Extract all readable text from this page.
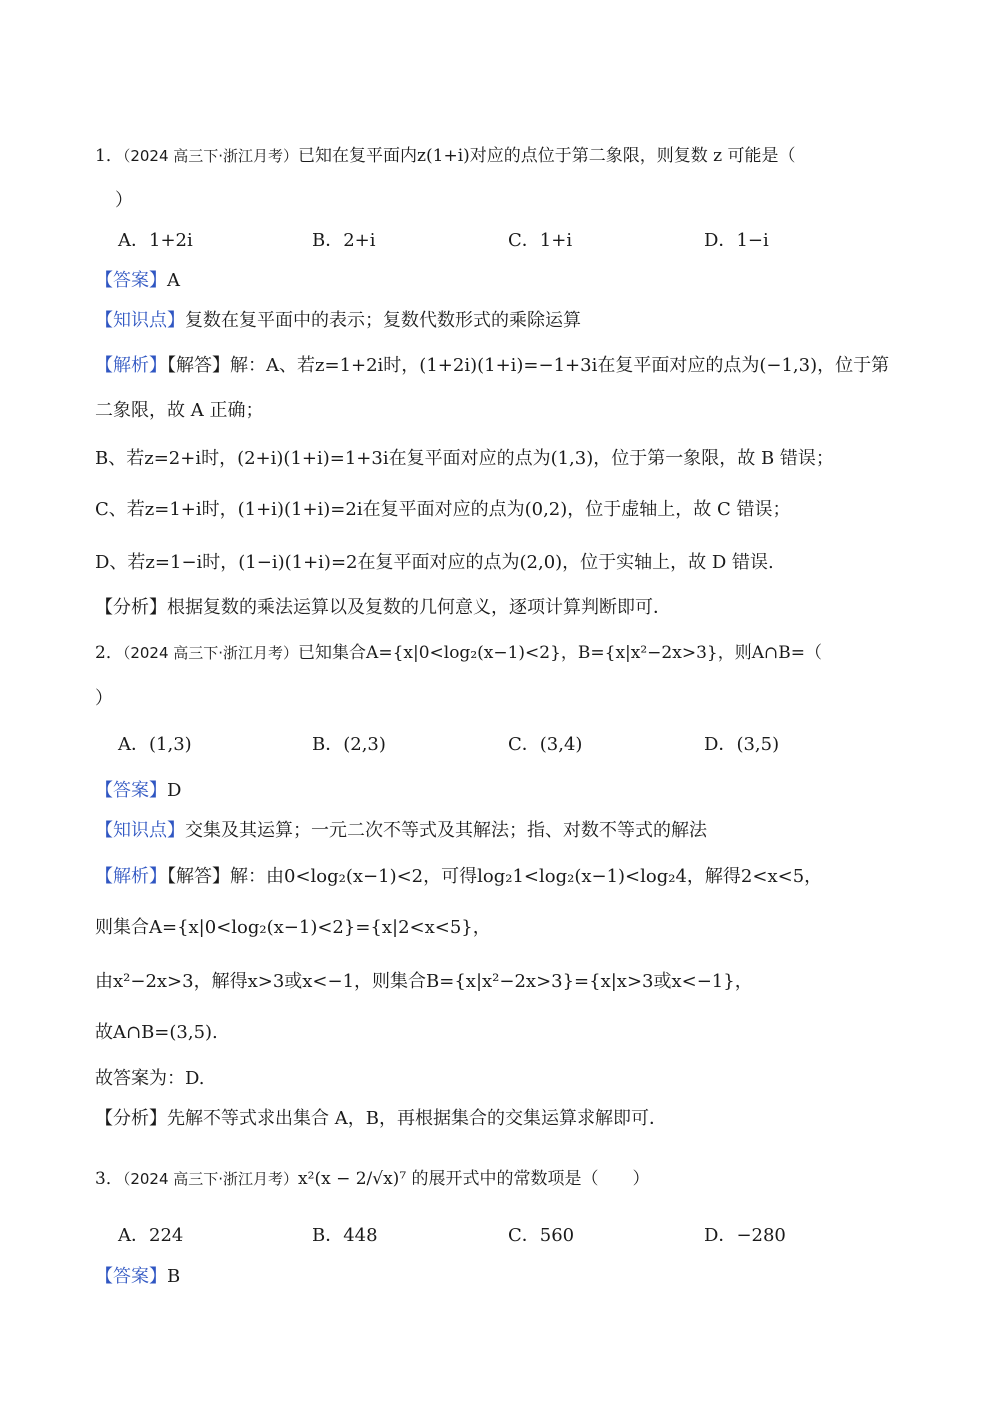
1．（2024 高三下·浙江月考）已知在复平面内z(1+i)对应的点位于第二象限，则复数 z 可能是（
）
A．1+2i	B．2+i	C．1+i	D．1−i
【答案】A
【知识点】复数在复平面中的表示；复数代数形式的乘除运算
【解析】【解答】解：A、若z=1+2i时，(1+2i)(1+i)=−1+3i在复平面对应的点为(−1,3)，位于第
二象限，故 A 正确；
B、若z=2+i时，(2+i)(1+i)=1+3i在复平面对应的点为(1,3)，位于第一象限，故 B 错误；
C、若z=1+i时，(1+i)(1+i)=2i在复平面对应的点为(0,2)，位于虚轴上，故 C 错误；
D、若z=1−i时，(1−i)(1+i)=2在复平面对应的点为(2,0)，位于实轴上，故 D 错误.
【分析】根据复数的乘法运算以及复数的几何意义，逐项计算判断即可．
2．（2024 高三下·浙江月考）已知集合A={x|0<log₂(x−1)<2}，B={x|x²−2x>3}，则A∩B=（
）
A．(1,3)	B．(2,3)	C．(3,4)	D．(3,5)
【答案】D
【知识点】交集及其运算；一元二次不等式及其解法；指、对数不等式的解法
【解析】【解答】解：由0<log₂(x−1)<2，可得log₂1<log₂(x−1)<log₂4，解得2<x<5，
则集合A={x|0<log₂(x−1)<2}={x|2<x<5}，
由x²−2x>3，解得x>3或x<−1，则集合B={x|x²−2x>3}={x|x>3或x<−1}，
故A∩B=(3,5).
故答案为：D.
【分析】先解不等式求出集合 A，B，再根据集合的交集运算求解即可．
3．（2024 高三下·浙江月考）x²(x − 2/√x)⁷ 的展开式中的常数项是（　　）
A．224	B．448	C．560	D．−280
【答案】B
